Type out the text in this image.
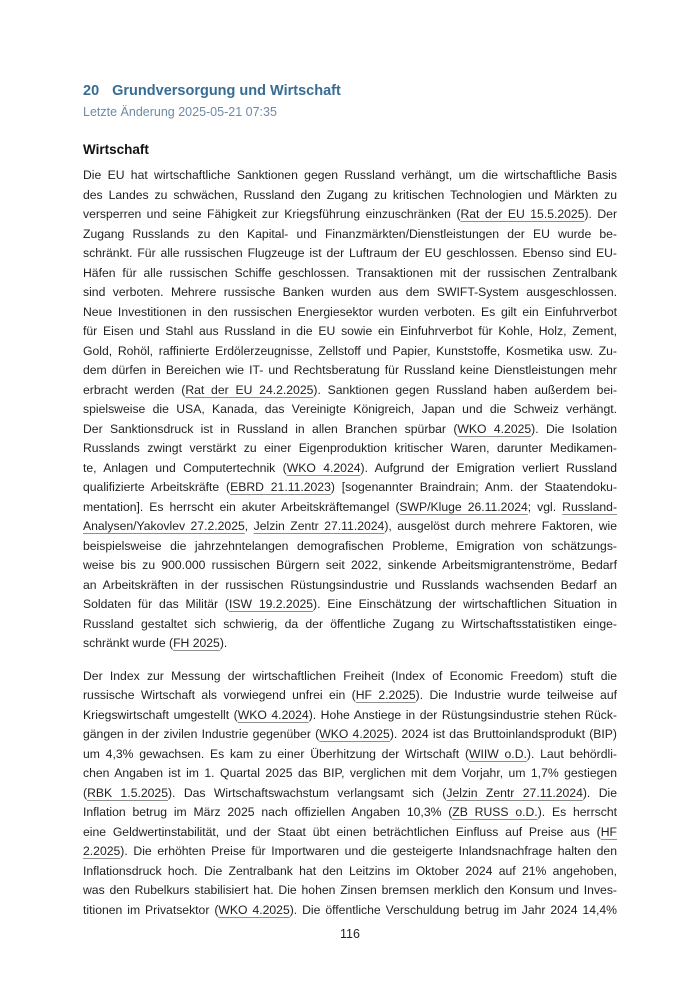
20 Grundversorgung und Wirtschaft
Letzte Änderung 2025-05-21 07:35
Wirtschaft
Die EU hat wirtschaftliche Sanktionen gegen Russland verhängt, um die wirtschaftliche Basis
des Landes zu schwächen, Russland den Zugang zu kritischen Technologien und Märkten zu
versperren und seine Fähigkeit zur Kriegsführung einzuschränken (Rat der EU 15.5.2025). Der
Zugang Russlands zu den Kapital- und Finanzmärkten/Dienstleistungen der EU wurde be-
schränkt. Für alle russischen Flugzeuge ist der Luftraum der EU geschlossen. Ebenso sind EU-
Häfen für alle russischen Schiffe geschlossen. Transaktionen mit der russischen Zentralbank
sind verboten. Mehrere russische Banken wurden aus dem SWIFT-System ausgeschlossen.
Neue Investitionen in den russischen Energiesektor wurden verboten. Es gilt ein Einfuhrverbot
für Eisen und Stahl aus Russland in die EU sowie ein Einfuhrverbot für Kohle, Holz, Zement,
Gold, Rohöl, raffinierte Erdölerzeugnisse, Zellstoff und Papier, Kunststoffe, Kosmetika usw. Zu-
dem dürfen in Bereichen wie IT- und Rechtsberatung für Russland keine Dienstleistungen mehr
erbracht werden (Rat der EU 24.2.2025). Sanktionen gegen Russland haben außerdem bei-
spielsweise die USA, Kanada, das Vereinigte Königreich, Japan und die Schweiz verhängt.
Der Sanktionsdruck ist in Russland in allen Branchen spürbar (WKO 4.2025). Die Isolation
Russlands zwingt verstärkt zu einer Eigenproduktion kritischer Waren, darunter Medikamen-
te, Anlagen und Computertechnik (WKO 4.2024). Aufgrund der Emigration verliert Russland
qualifizierte Arbeitskräfte (EBRD 21.11.2023) [sogenannter Braindrain; Anm. der Staatendoku-
mentation]. Es herrscht ein akuter Arbeitskräftemangel (SWP/Kluge 26.11.2024; vgl. Russland-
Analysen/Yakovlev 27.2.2025, Jelzin Zentr 27.11.2024), ausgelöst durch mehrere Faktoren, wie
beispielsweise die jahrzehntelangen demografischen Probleme, Emigration von schätzungs-
weise bis zu 900.000 russischen Bürgern seit 2022, sinkende Arbeitsmigrantenströme, Bedarf
an Arbeitskräften in der russischen Rüstungsindustrie und Russlands wachsenden Bedarf an
Soldaten für das Militär (ISW 19.2.2025). Eine Einschätzung der wirtschaftlichen Situation in
Russland gestaltet sich schwierig, da der öffentliche Zugang zu Wirtschaftsstatistiken einge-
schränkt wurde (FH 2025).
Der Index zur Messung der wirtschaftlichen Freiheit (Index of Economic Freedom) stuft die
russische Wirtschaft als vorwiegend unfrei ein (HF 2.2025). Die Industrie wurde teilweise auf
Kriegswirtschaft umgestellt (WKO 4.2024). Hohe Anstiege in der Rüstungsindustrie stehen Rück-
gängen in der zivilen Industrie gegenüber (WKO 4.2025). 2024 ist das Bruttoinlandsprodukt (BIP)
um 4,3% gewachsen. Es kam zu einer Überhitzung der Wirtschaft (WIIW o.D.). Laut behördli-
chen Angaben ist im 1. Quartal 2025 das BIP, verglichen mit dem Vorjahr, um 1,7% gestiegen
(RBK 1.5.2025). Das Wirtschaftswachstum verlangsamt sich (Jelzin Zentr 27.11.2024). Die
Inflation betrug im März 2025 nach offiziellen Angaben 10,3% (ZB RUSS o.D.). Es herrscht
eine Geldwertinstabilität, und der Staat übt einen beträchtlichen Einfluss auf Preise aus (HF
2.2025). Die erhöhten Preise für Importwaren und die gesteigerte Inlandsnachfrage halten den
Inflationsdruck hoch. Die Zentralbank hat den Leitzins im Oktober 2024 auf 21% angehoben,
was den Rubelkurs stabilisiert hat. Die hohen Zinsen bremsen merklich den Konsum und Inves-
titionen im Privatsektor (WKO 4.2025). Die öffentliche Verschuldung betrug im Jahr 2024 14,4%
116
